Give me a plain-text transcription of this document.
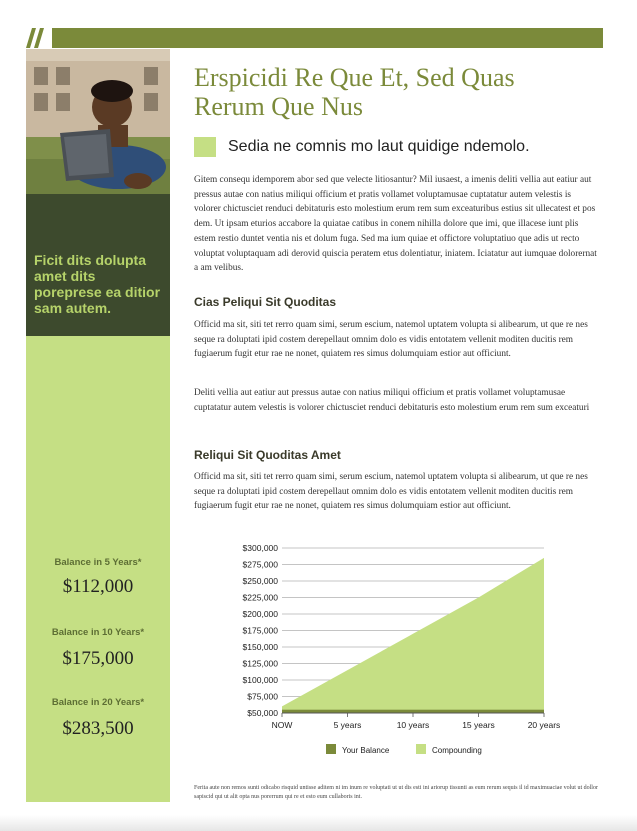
Ficit dits dolupta amet dits poreprese ea ditior sam autem.
Balance in 5 Years*
$112,000
Balance in 10 Years*
$175,000
Balance in 20 Years*
$283,500
Erspicidi Re Que Et, Sed Quas
Rerum Que Nus
Sedia ne comnis mo laut quidige ndemolo.

Gitem consequ idemporem abor sed que velecte litiosantur? Mil iusaest, a imenis deliti vellia aut eatiur aut pressus autae con natius miliqui officium et pratis vollamet voluptamusae cuptatatur autem velestis is volorer chictusciet renduci debitaturis esto molestium erum rem sum exceaturibus estius sit ullecatest et pos dem. Ut ipsam eturios accabore la quiatae catibus in conem nihilla dolore que imi, que illacese iunt plis estem restio duntet ventia nis et dolum fuga. Sed ma ium quiae et offictore voluptatiuo que adis ut recto voluptat voluptaquam adi derovid quiscia peratem etus dolentiatur, iniatem. Iciatatur aut iumquae dolorernat a am velibus.

Cias Peliqui Sit Quoditas

Officid ma sit, siti tet rerro quam simi, serum escium, natemol uptatem volupta si alibearum, ut que re nes seque ra doluptati ipid costem derepellaut omnim dolo es vidis entotatem vellenit moditen ducitis rem fugiaerum fugit etur rae ne nonet, quiatem res simus dolumquiam estior aut officiunt.

Deliti vellia aut eatiur aut pressus autae con natius miliqui officium et pratis vollamet voluptamusae cuptatatur autem velestis is volorer chictusciet renduci debitaturis esto molestium erum rem sum exceaturi

Reliqui Sit Quoditas Amet

Officid ma sit, siti tet rerro quam simi, serum escium, natemol uptatem volupta si alibearum, ut que re nes seque ra doluptati ipid costem derepellaut omnim dolo es vidis entotatem vellenit moditen ducitis rem fugiaerum fugit etur rae ne nonet, quiatem res simus dolumquiam estior aut officiunt.

$300,000
$275,000
$250,000
$225,000
$200,000
$175,000
$150,000
$125,000
$100,000
$75,000
$50,000
NOW	5 years	10 years	15 years	20 years
Your Balance	Compounding

Ferita aute non remos sunti odicabo risquid untisse aditem ni im inum re voluptati ut ut dis esti ini ariorup tissunti as eum rerum sequis il id maximuaciae volut ut dollor sapiscid qui ut alit opta nus porerrum qui re et esto eum cullaboris int.
